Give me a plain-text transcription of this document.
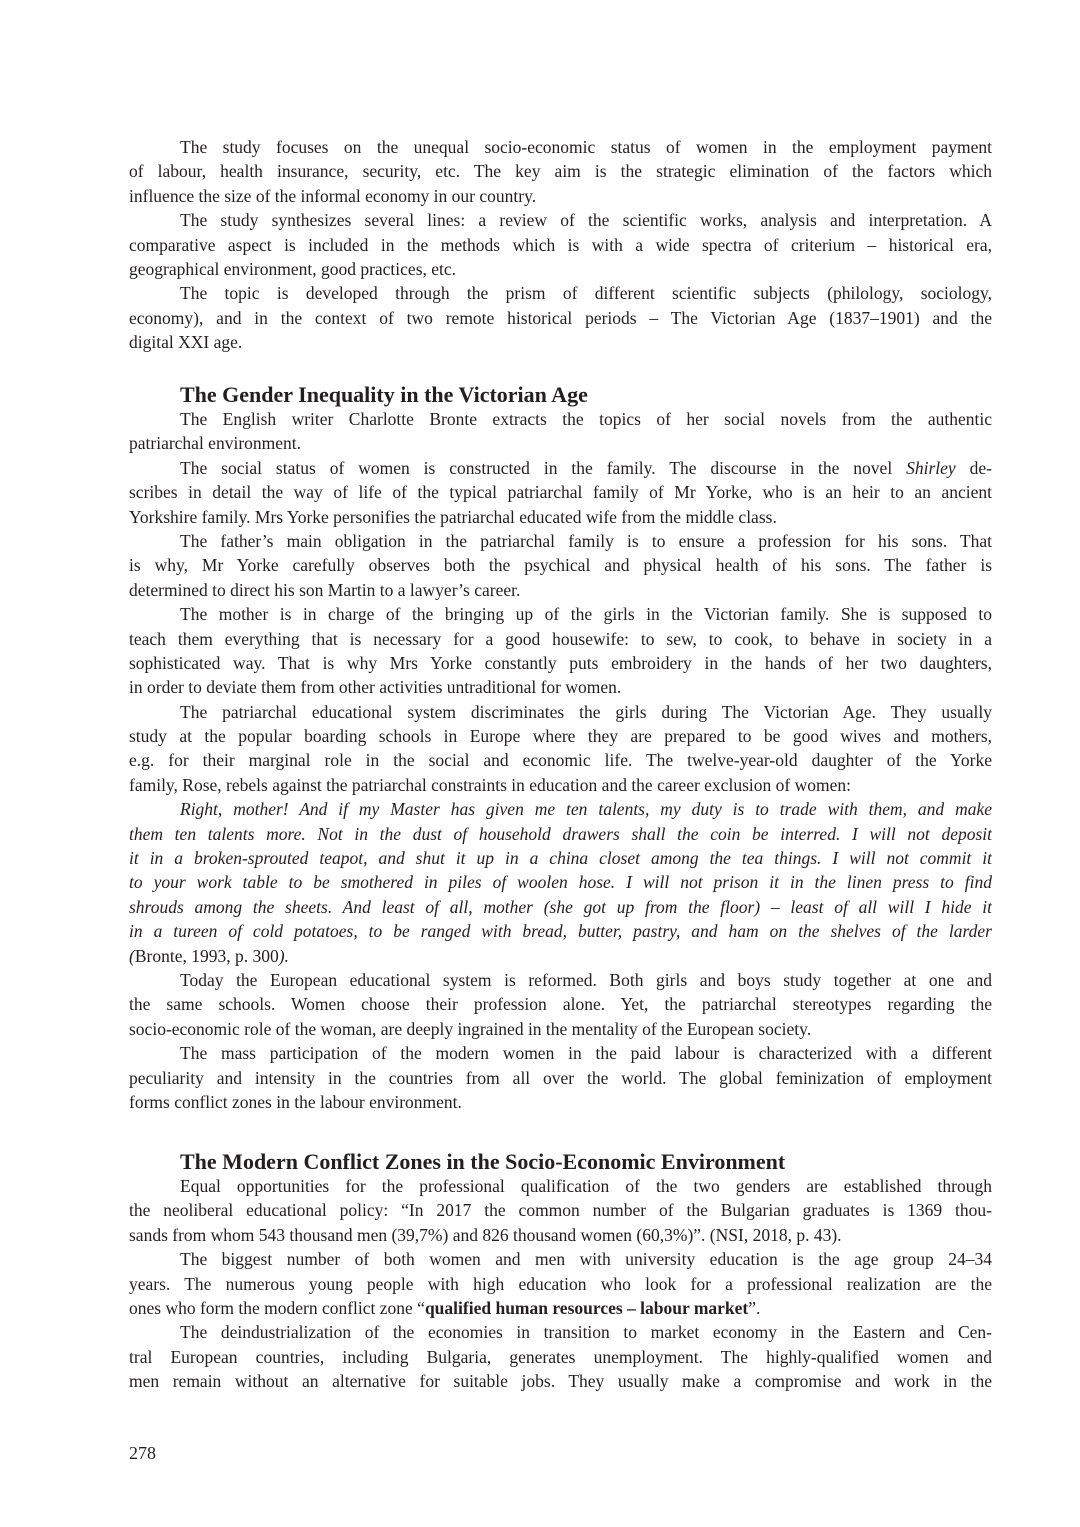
The study focuses on the unequal socio-economic status of women in the employment payment
of labour, health insurance, security, etc. The key aim is the strategic elimination of the factors which
influence the size of the informal economy in our country.
The study synthesizes several lines: a review of the scientific works, analysis and interpretation. A
comparative aspect is included in the methods which is with a wide spectra of criterium – historical era,
geographical environment, good practices, etc.
The topic is developed through the prism of different scientific subjects (philology, sociology,
economy), and in the context of two remote historical periods – The Victorian Age (1837–1901) and the
digital XXI age.
The Gender Inequality in the Victorian Age
The English writer Charlotte Bronte extracts the topics of her social novels from the authentic
patriarchal environment.
The social status of women is constructed in the family. The discourse in the novel Shirley de-
scribes in detail the way of life of the typical patriarchal family of Mr Yorke, who is an heir to an ancient
Yorkshire family. Mrs Yorke personifies the patriarchal educated wife from the middle class.
The father’s main obligation in the patriarchal family is to ensure a profession for his sons. That
is why, Mr Yorke carefully observes both the psychical and physical health of his sons. The father is
determined to direct his son Martin to a lawyer’s career.
The mother is in charge of the bringing up of the girls in the Victorian family. She is supposed to
teach them everything that is necessary for a good housewife: to sew, to cook, to behave in society in a
sophisticated way. That is why Mrs Yorke constantly puts embroidery in the hands of her two daughters,
in order to deviate them from other activities untraditional for women.
The patriarchal educational system discriminates the girls during The Victorian Age. They usually
study at the popular boarding schools in Europe where they are prepared to be good wives and mothers,
e.g. for their marginal role in the social and economic life. The twelve-year-old daughter of the Yorke
family, Rose, rebels against the patriarchal constraints in education and the career exclusion of women:
Right, mother! And if my Master has given me ten talents, my duty is to trade with them, and make
them ten talents more. Not in the dust of household drawers shall the coin be interred. I will not deposit
it in a broken-sprouted teapot, and shut it up in a china closet among the tea things. I will not commit it
to your work table to be smothered in piles of woolen hose. I will not prison it in the linen press to find
shrouds among the sheets. And least of all, mother (she got up from the floor) – least of all will I hide it
in a tureen of cold potatoes, to be ranged with bread, butter, pastry, and ham on the shelves of the larder
(Bronte, 1993, p. 300).
Today the European educational system is reformed. Both girls and boys study together at one and
the same schools. Women choose their profession alone. Yet, the patriarchal stereotypes regarding the
socio-economic role of the woman, are deeply ingrained in the mentality of the European society.
The mass participation of the modern women in the paid labour is characterized with a different
peculiarity and intensity in the countries from all over the world. The global feminization of employment
forms conflict zones in the labour environment.
The Modern Conflict Zones in the Socio-Economic Environment
Equal opportunities for the professional qualification of the two genders are established through
the neoliberal educational policy: “In 2017 the common number of the Bulgarian graduates is 1369 thou-
sands from whom 543 thousand men (39,7%) and 826 thousand women (60,3%)”. (NSI, 2018, p. 43).
The biggest number of both women and men with university education is the age group 24–34
years. The numerous young people with high education who look for a professional realization are the
ones who form the modern conflict zone “qualified human resources – labour market”.
The deindustrialization of the economies in transition to market economy in the Eastern and Cen-
tral European countries, including Bulgaria, generates unemployment. The highly-qualified women and
men remain without an alternative for suitable jobs. They usually make a compromise and work in the
278
